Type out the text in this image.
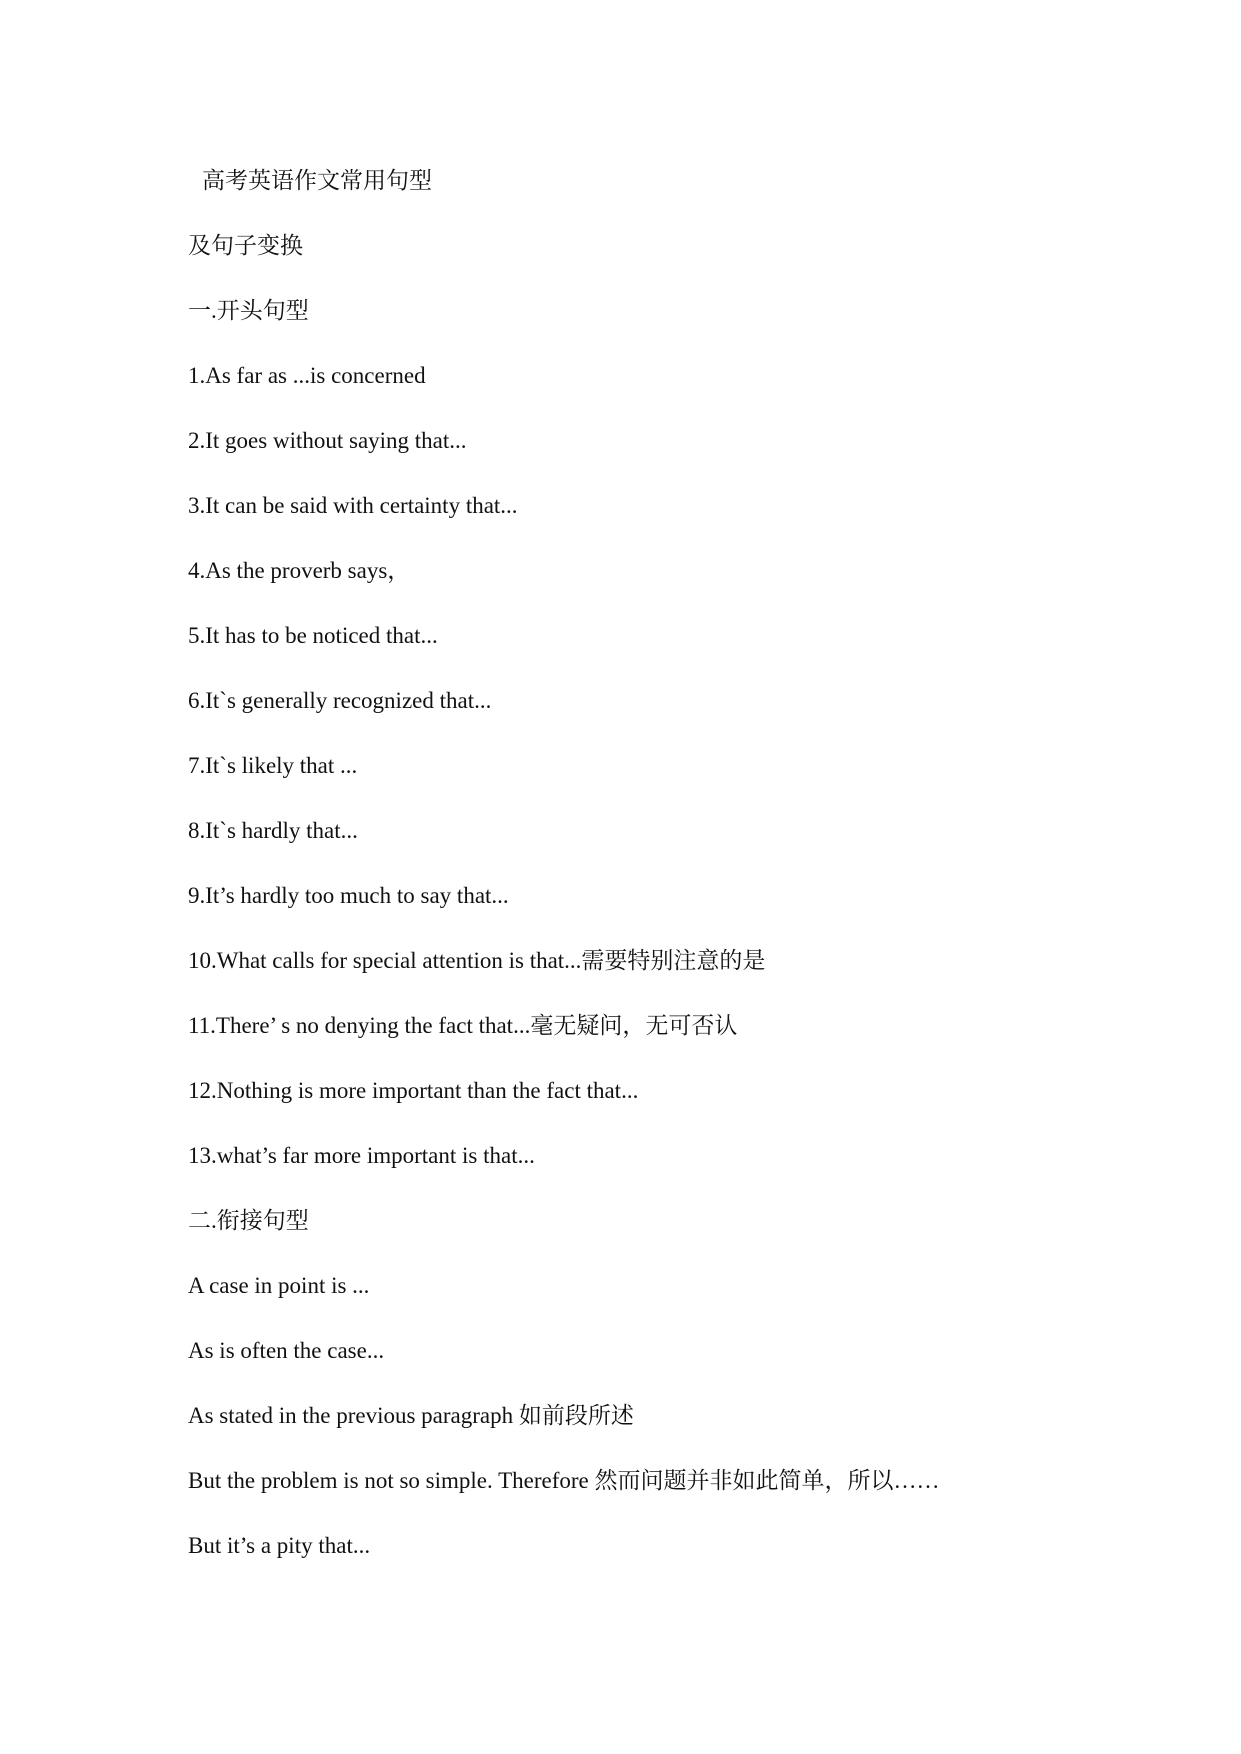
高考英语作文常用句型
及句子变换
一.开头句型
1.As far as ...is concerned
2.It goes without saying that...
3.It can be said with certainty that...
4.As the proverb says，
5.It has to be noticed that...
6.It`s generally recognized that...
7.It`s likely that ...
8.It`s hardly that...
9.It’s hardly too much to say that...
10.What calls for special attention is that...需要特别注意的是
11.There’ s no denying the fact that...毫无疑问，无可否认
12.Nothing is more important than the fact that...
13.what’s far more important is that...
二.衔接句型
A case in point is ...
As is often the case...
As stated in the previous paragraph 如前段所述
But the problem is not so simple. Therefore 然而问题并非如此简单，所以……
But it’s a pity that...
